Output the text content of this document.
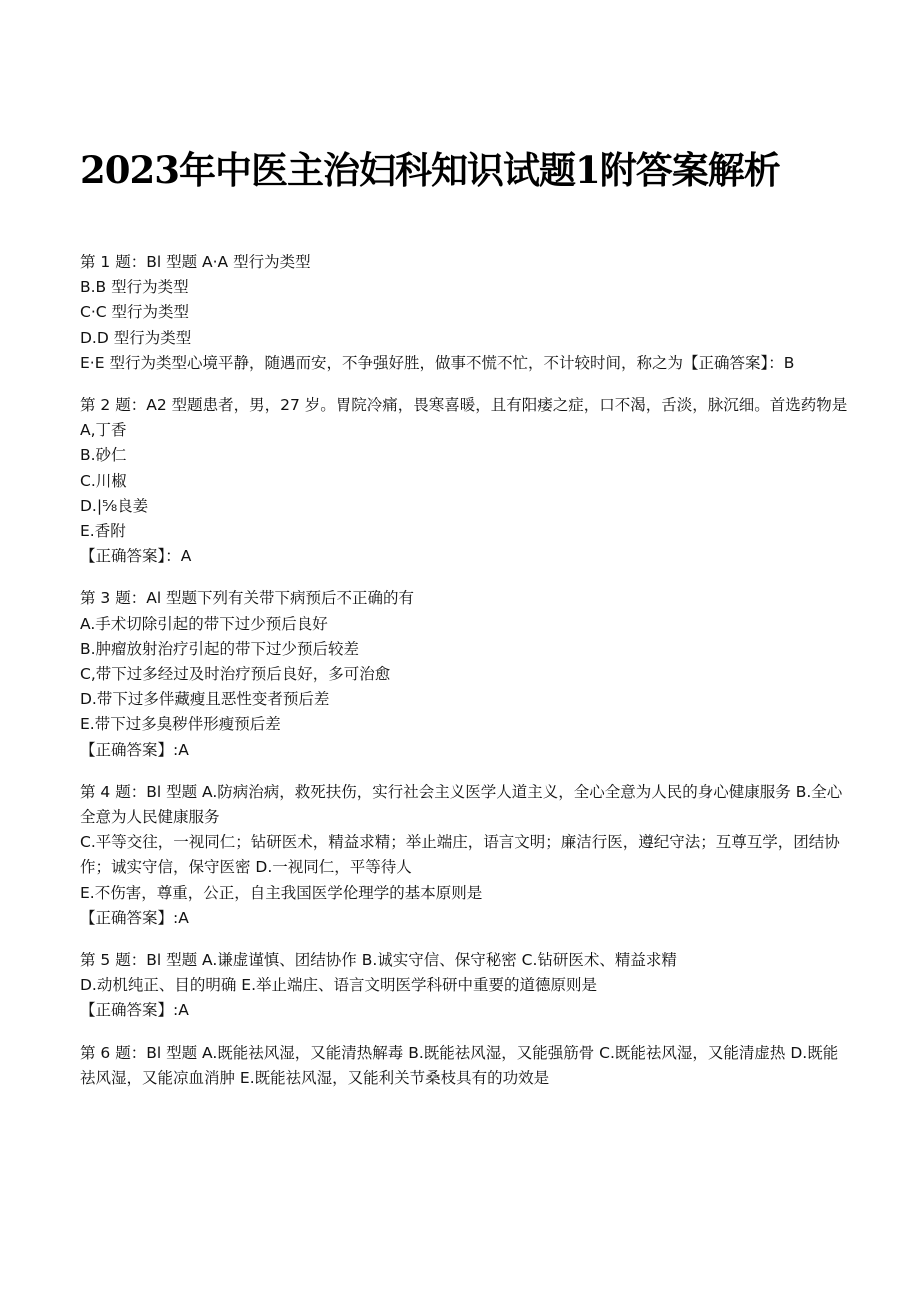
2023年中医主治妇科知识试题1附答案解析

第 1 题：Bl 型题 A·A 型行为类型

B.B 型行为类型

C·C 型行为类型

D.D 型行为类型

E·E 型行为类型心境平静，随遇而安，不争强好胜，做事不慌不忙，不计较时间，称之为【正确答案】：B

第 2 题：A2 型题患者，男，27 岁。胃院冷痛，畏寒喜暖，且有阳痿之症，口不渴，舌淡，脉沉细。首选药物是

A,丁香

B.砂仁

C.川椒

D.|⅝良姜

E.香附

【正确答案】：A

第 3 题：Al 型题下列有关带下病预后不正确的有

A.手术切除引起的带下过少预后良好

B.肿瘤放射治疗引起的带下过少预后较差

C,带下过多经过及时治疗预后良好，多可治愈

D.带下过多伴藏瘦且恶性变者预后差

E.带下过多臭秽伴形瘦预后差

【正确答案】:A

第 4 题：Bl 型题 A.防病治病，救死扶伤，实行社会主义医学人道主义，全心全意为人民的身心健康服务 B.全心全意为人民健康服务

C.平等交往，一视同仁；钻研医术，精益求精；举止端庄，语言文明；廉洁行医，遵纪守法；互尊互学，团结协作；诚实守信，保守医密 D.一视同仁，平等待人

E.不伤害，尊重，公正，自主我国医学伦理学的基本原则是

【正确答案】:A

第 5 题：Bl 型题 A.谦虚谨慎、团结协作 B.诚实守信、保守秘密 C.钻研医术、精益求精

D.动机纯正、目的明确 E.举止端庄、语言文明医学科研中重要的道德原则是

【正确答案】:A

第 6 题：Bl 型题 A.既能祛风湿，又能清热解毒 B.既能祛风湿，又能强筋骨 C.既能祛风湿，又能清虚热 D.既能祛风湿，又能凉血消肿 E.既能祛风湿，又能利关节桑枝具有的功效是
